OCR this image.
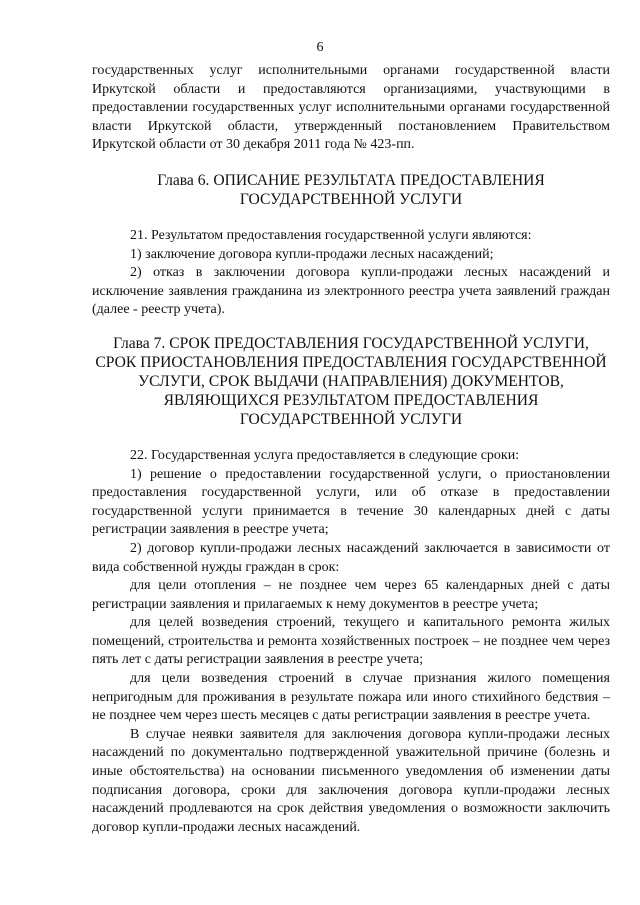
6

государственных услуг исполнительными органами государственной власти Иркутской области и предоставляются организациями, участвующими в предоставлении государственных услуг исполнительными органами государственной власти Иркутской области, утвержденный постановлением Правительством Иркутской области от 30 декабря 2011 года № 423-пп.

Глава 6. ОПИСАНИЕ РЕЗУЛЬТАТА ПРЕДОСТАВЛЕНИЯ
ГОСУДАРСТВЕННОЙ УСЛУГИ

21. Результатом предоставления государственной услуги являются:

1) заключение договора купли-продажи лесных насаждений;

2) отказ в заключении договора купли-продажи лесных насаждений и исключение заявления гражданина из электронного реестра учета заявлений граждан (далее - реестр учета).

Глава 7. СРОК ПРЕДОСТАВЛЕНИЯ ГОСУДАРСТВЕННОЙ УСЛУГИ,
СРОК ПРИОСТАНОВЛЕНИЯ ПРЕДОСТАВЛЕНИЯ ГОСУДАРСТВЕННОЙ
УСЛУГИ, СРОК ВЫДАЧИ (НАПРАВЛЕНИЯ) ДОКУМЕНТОВ,
ЯВЛЯЮЩИХСЯ РЕЗУЛЬТАТОМ ПРЕДОСТАВЛЕНИЯ
ГОСУДАРСТВЕННОЙ УСЛУГИ

22. Государственная услуга предоставляется в следующие сроки:

1) решение о предоставлении государственной услуги, о приостановлении предоставления государственной услуги, или об отказе в предоставлении государственной услуги принимается в течение 30 календарных дней с даты регистрации заявления в реестре учета;

2) договор купли-продажи лесных насаждений заключается в зависимости от вида собственной нужды граждан в срок:

для цели отопления – не позднее чем через 65 календарных дней с даты регистрации заявления и прилагаемых к нему документов в реестре учета;

для целей возведения строений, текущего и капитального ремонта жилых помещений, строительства и ремонта хозяйственных построек – не позднее чем через пять лет с даты регистрации заявления в реестре учета;

для цели возведения строений в случае признания жилого помещения непригодным для проживания в результате пожара или иного стихийного бедствия – не позднее чем через шесть месяцев с даты регистрации заявления в реестре учета.

В случае неявки заявителя для заключения договора купли-продажи лесных насаждений по документально подтвержденной уважительной причине (болезнь и иные обстоятельства) на основании письменного уведомления об изменении даты подписания договора, сроки для заключения договора купли-продажи лесных насаждений продлеваются на срок действия уведомления о возможности заключить договор купли-продажи лесных насаждений.
